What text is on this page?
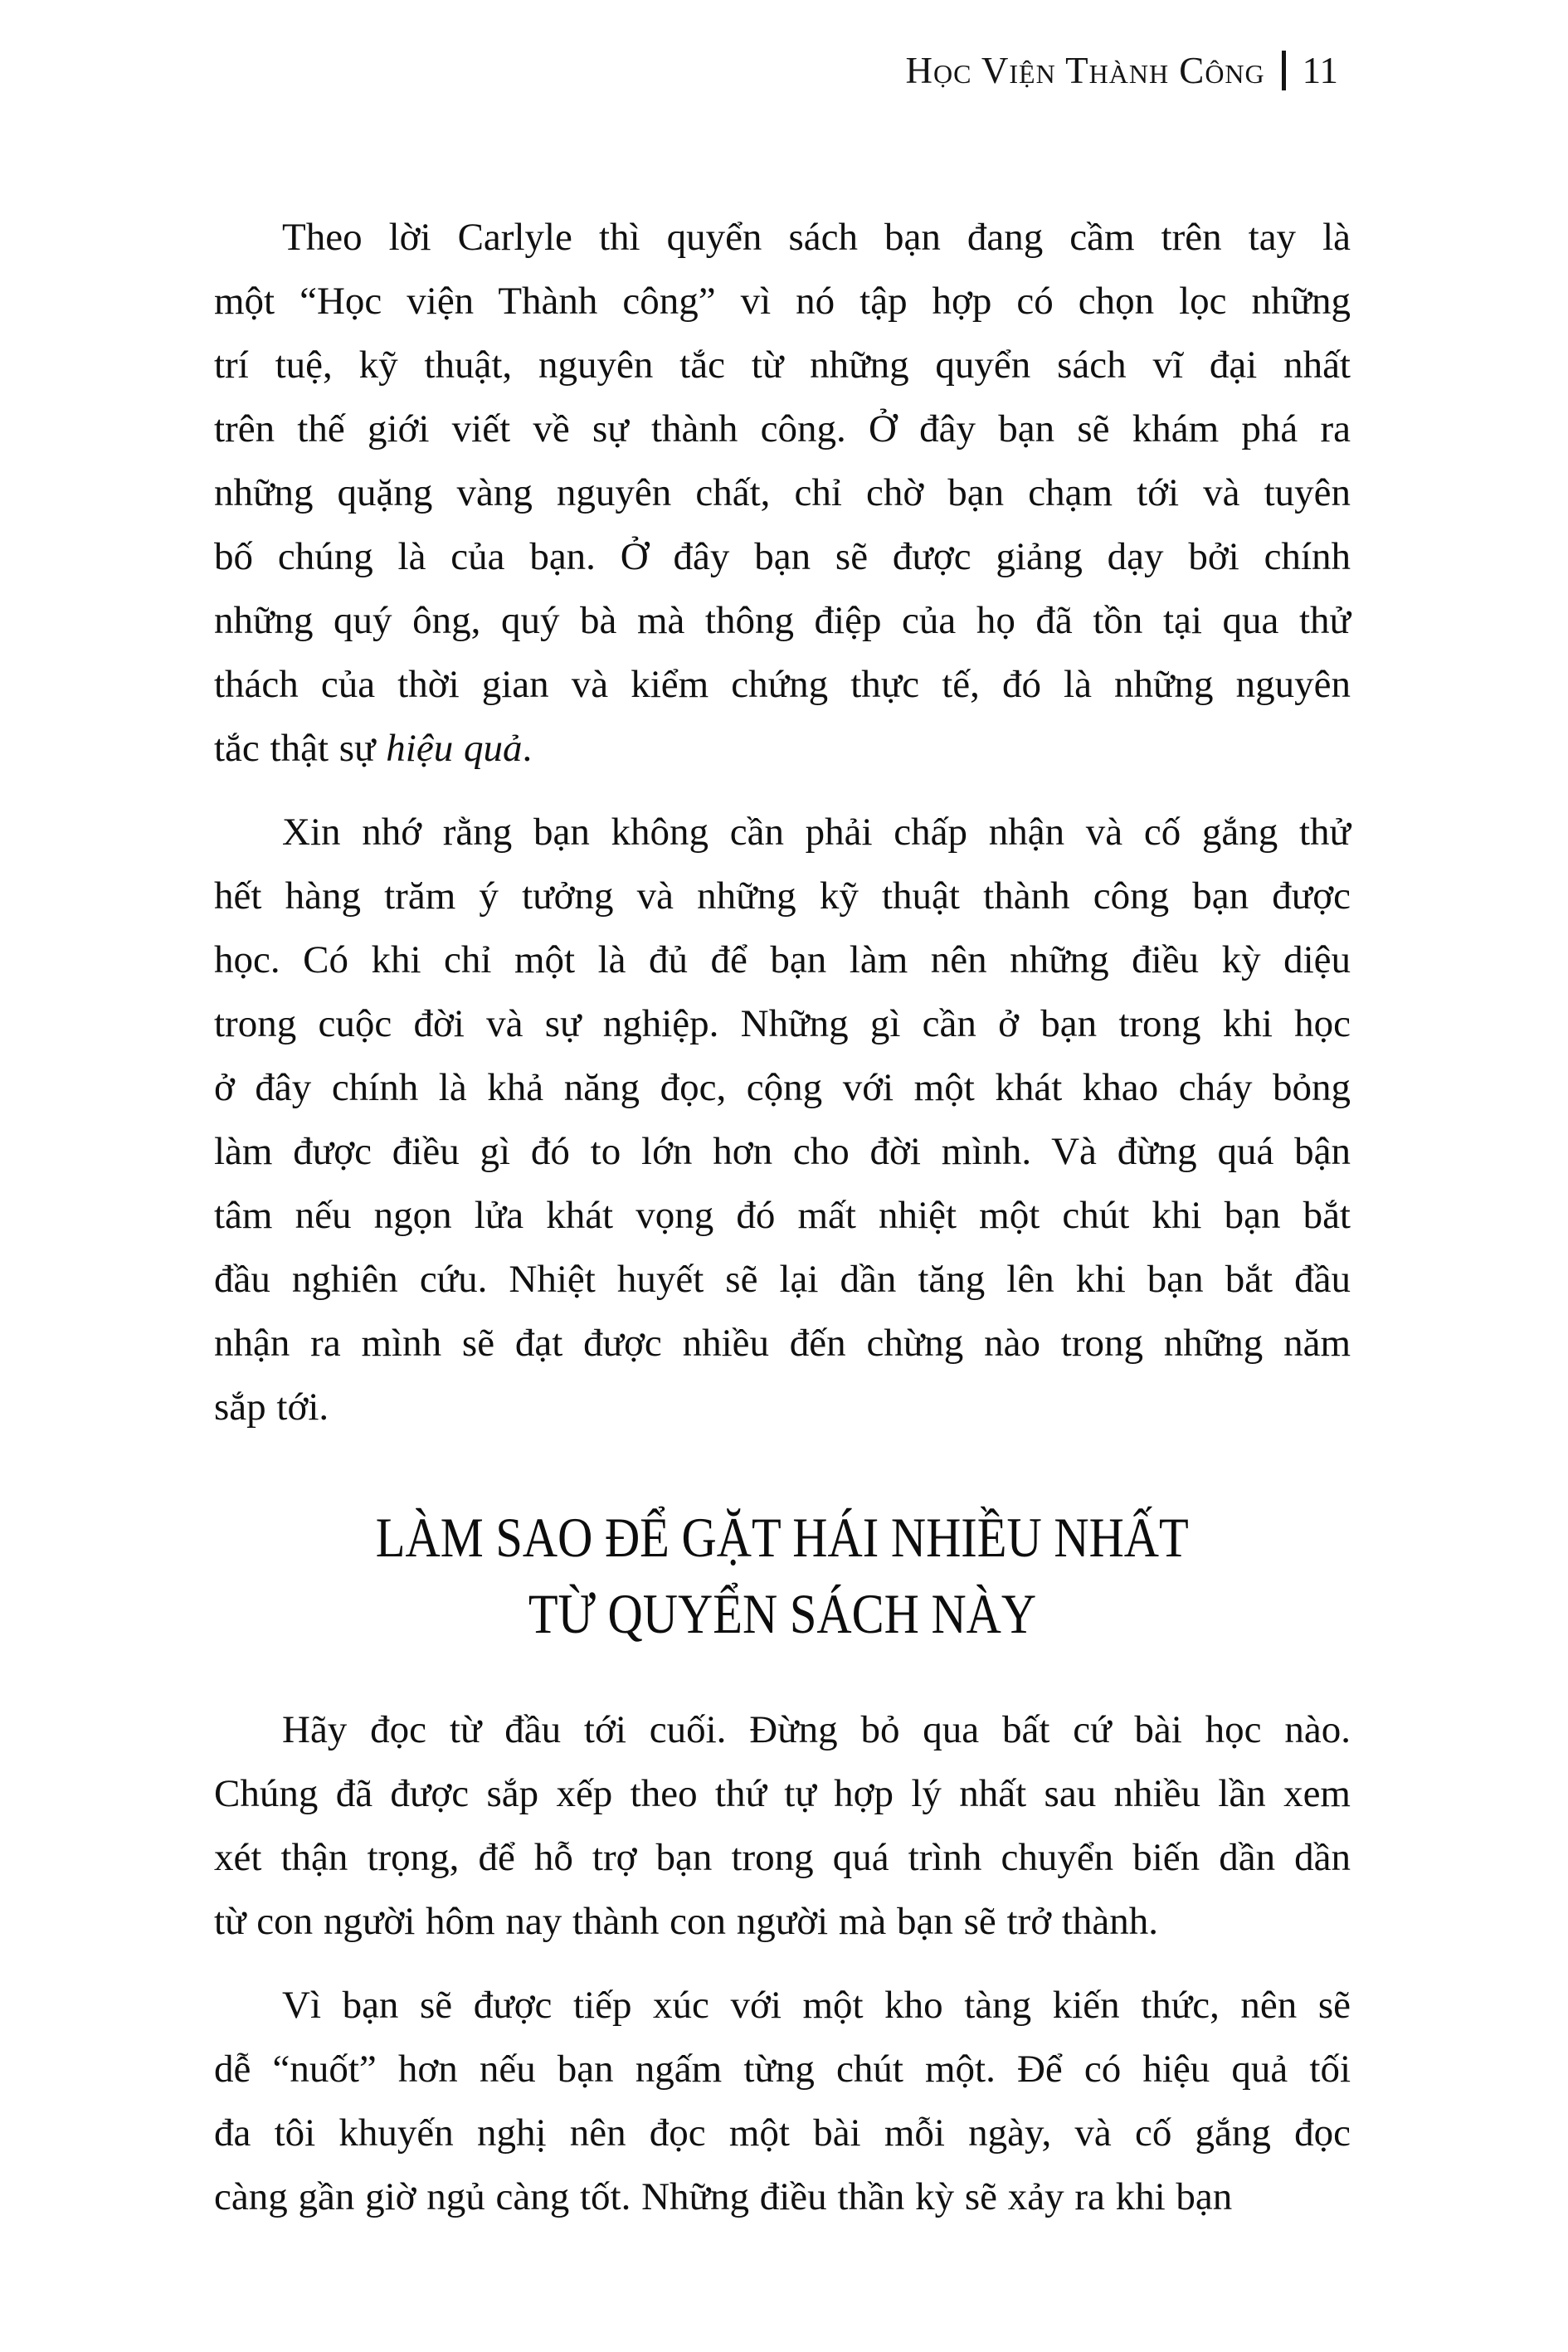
Học Viện Thành Công 11
Theo lời Carlyle thì quyển sách bạn đang cầm trên tay là
một “Học viện Thành công” vì nó tập hợp có chọn lọc những
trí tuệ, kỹ thuật, nguyên tắc từ những quyển sách vĩ đại nhất
trên thế giới viết về sự thành công. Ở đây bạn sẽ khám phá ra
những quặng vàng nguyên chất, chỉ chờ bạn chạm tới và tuyên
bố chúng là của bạn. Ở đây bạn sẽ được giảng dạy bởi chính
những quý ông, quý bà mà thông điệp của họ đã tồn tại qua thử
thách của thời gian và kiểm chứng thực tế, đó là những nguyên
tắc thật sự hiệu quả.
Xin nhớ rằng bạn không cần phải chấp nhận và cố gắng thử
hết hàng trăm ý tưởng và những kỹ thuật thành công bạn được
học. Có khi chỉ một là đủ để bạn làm nên những điều kỳ diệu
trong cuộc đời và sự nghiệp. Những gì cần ở bạn trong khi học
ở đây chính là khả năng đọc, cộng với một khát khao cháy bỏng
làm được điều gì đó to lớn hơn cho đời mình. Và đừng quá bận
tâm nếu ngọn lửa khát vọng đó mất nhiệt một chút khi bạn bắt
đầu nghiên cứu. Nhiệt huyết sẽ lại dần tăng lên khi bạn bắt đầu
nhận ra mình sẽ đạt được nhiều đến chừng nào trong những năm
sắp tới.
LÀM SAO ĐỂ GẶT HÁI NHIỀU NHẤT
TỪ QUYỂN SÁCH NÀY
Hãy đọc từ đầu tới cuối. Đừng bỏ qua bất cứ bài học nào.
Chúng đã được sắp xếp theo thứ tự hợp lý nhất sau nhiều lần xem
xét thận trọng, để hỗ trợ bạn trong quá trình chuyển biến dần dần
từ con người hôm nay thành con người mà bạn sẽ trở thành.
Vì bạn sẽ được tiếp xúc với một kho tàng kiến thức, nên sẽ
dễ “nuốt” hơn nếu bạn ngấm từng chút một. Để có hiệu quả tối
đa tôi khuyến nghị nên đọc một bài mỗi ngày, và cố gắng đọc
càng gần giờ ngủ càng tốt. Những điều thần kỳ sẽ xảy ra khi bạn
